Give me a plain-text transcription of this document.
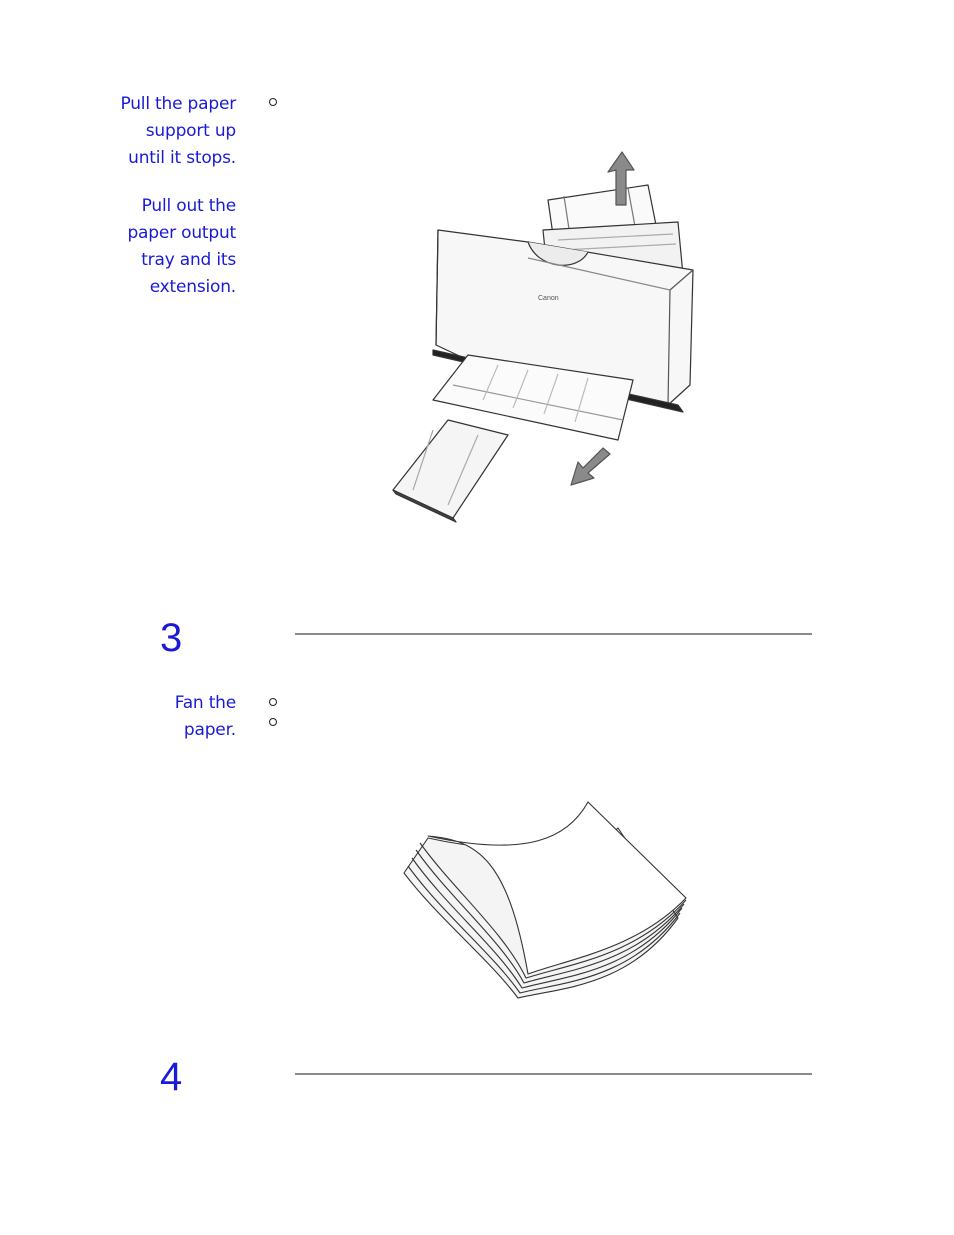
Pull the paper
support up
until it stops.
Pull out the
paper output
tray and its
extension.
Canon
3
Fan the
paper.
4
